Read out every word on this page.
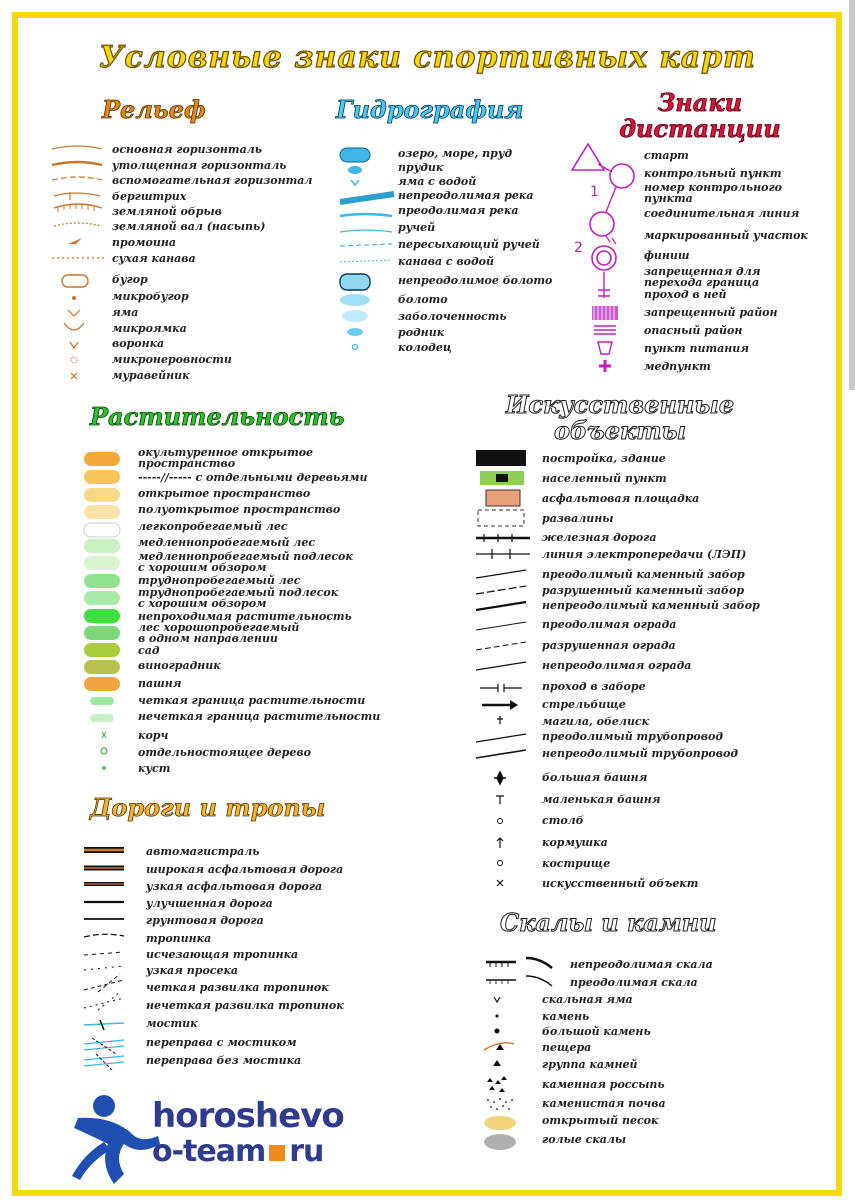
Условные знаки спортивных карт
Рельеф
основная горизонталь
утолщенная горизонталь
вспомогательная горизонтал
бергштрих
земляной обрыв
земляной вал (насыпь)
промоина
сухая канава
бугор
микробугор
яма
микроямка
воронка
микронеровности
муравейник
Гидрография
озеро, море, пруд
прудик
яма с водой
непреодолимая река
преодолимая река
ручей
пересыхающий ручей
канава с водой
непреодолимое болото
болото
заболоченность
родник
колодец
Знаки
дистанции
1
2
старт
контрольный пункт
номер контрольного
пункта
соединительная линия
маркированный участок
финиш
запрещенная для
перехода граница
проход в ней
запрещенный район
опасный район
пункт питания
медпункт
Растительность
окультуренное открытое
пространство
-----//----- с отдельными деревьями
открытое пространство
полуоткрытое пространство
легкопробегаемый лес
медленнопробегаемый лес
медленнопробегаемый подлесок
с хорошим обзором
труднопробегаемый лес
труднопробегаемый подлесок
с хорошим обзором
непроходимая растительность
лес хорошопробегаемый
в одном направлении
сад
виноградник
пашня
четкая граница растительности
нечеткая граница растительности
корч
отдельностоящее дерево
куст
Искусственные
объекты
постройка, здание
населенный пункт
асфальтовая площадка
развалины
железная дорога
линия электропередачи (ЛЭП)
преодолимый каменный забор
разрушенный каменный забор
непреодолимый каменный забор
преодолимая ограда
разрушенная ограда
непреодолимая ограда
проход в заборе
стрельбище
магила, обелиск
преодолимый трубопровод
непреодолимый трубопровод
большая башня
маленькая башня
столб
кормушка
кострище
искусственный объект
Дороги и тропы
автомагистраль
широкая асфальтовая дорога
узкая асфальтовая дорога
улучшенная дорога
грунтовая дорога
тропинка
исчезающая тропинка
узкая просека
четкая развилка тропинок
нечеткая развилка тропинок
мостик
переправа с мостиком
переправа без мостика
Скалы и камни
непреодолимая скала
преодолимая скала
скальная яма
камень
большой камень
пещера
группа камней
каменная россыпь
каменистая почва
открытый песок
голые скалы
horoshevo
o-team ru
